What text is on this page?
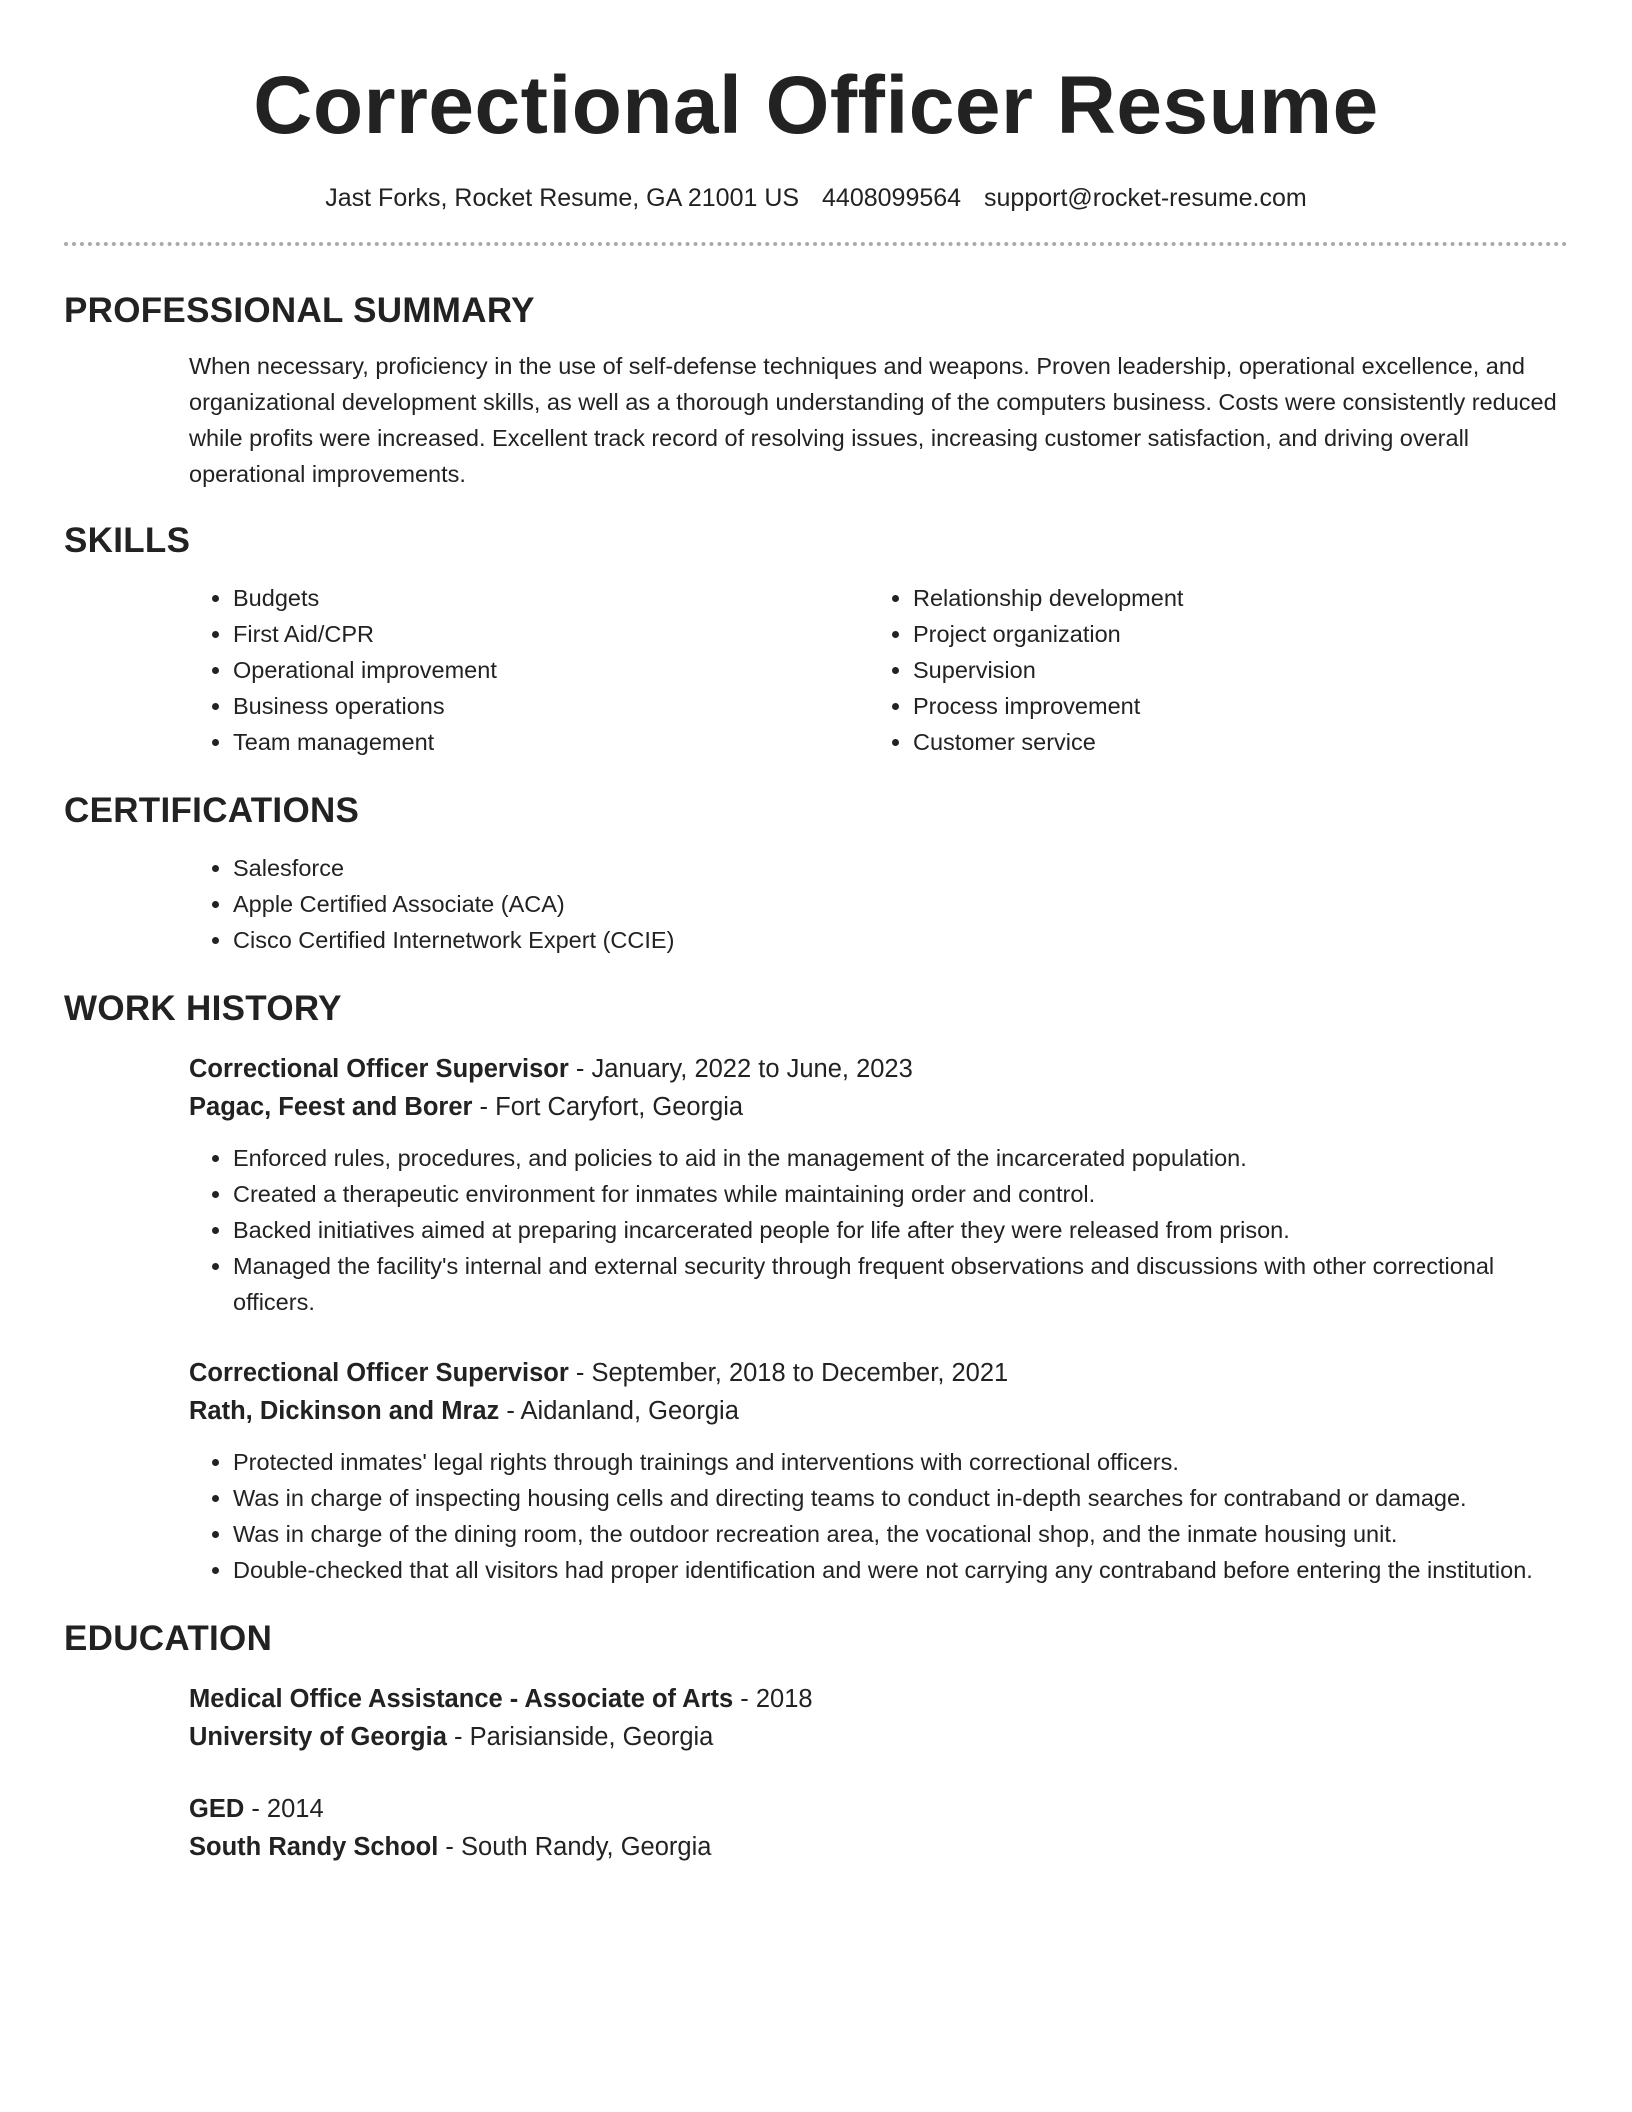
Correctional Officer Resume
Jast Forks, Rocket Resume, GA 21001 US 4408099564 support@rocket-resume.com
PROFESSIONAL SUMMARY

When necessary, proficiency in the use of self-defense techniques and weapons. Proven leadership, operational excellence, and organizational development skills, as well as a thorough understanding of the computers business. Costs were consistently reduced while profits were increased. Excellent track record of resolving issues, increasing customer satisfaction, and driving overall operational improvements.

SKILLS
• Budgets
• First Aid/CPR
• Operational improvement
• Business operations
• Team management
• Relationship development
• Project organization
• Supervision
• Process improvement
• Customer service
CERTIFICATIONS
• Salesforce
• Apple Certified Associate (ACA)
• Cisco Certified Internetwork Expert (CCIE)
WORK HISTORY
Correctional Officer Supervisor - January, 2022 to June, 2023
Pagac, Feest and Borer - Fort Caryfort, Georgia
• Enforced rules, procedures, and policies to aid in the management of the incarcerated population.
• Created a therapeutic environment for inmates while maintaining order and control.
• Backed initiatives aimed at preparing incarcerated people for life after they were released from prison.
• Managed the facility's internal and external security through frequent observations and discussions with other correctional officers.
Correctional Officer Supervisor - September, 2018 to December, 2021
Rath, Dickinson and Mraz - Aidanland, Georgia
• Protected inmates' legal rights through trainings and interventions with correctional officers.
• Was in charge of inspecting housing cells and directing teams to conduct in-depth searches for contraband or damage.
• Was in charge of the dining room, the outdoor recreation area, the vocational shop, and the inmate housing unit.
• Double-checked that all visitors had proper identification and were not carrying any contraband before entering the institution.
EDUCATION
Medical Office Assistance - Associate of Arts - 2018
University of Georgia - Parisianside, Georgia
GED - 2014
South Randy School - South Randy, Georgia
